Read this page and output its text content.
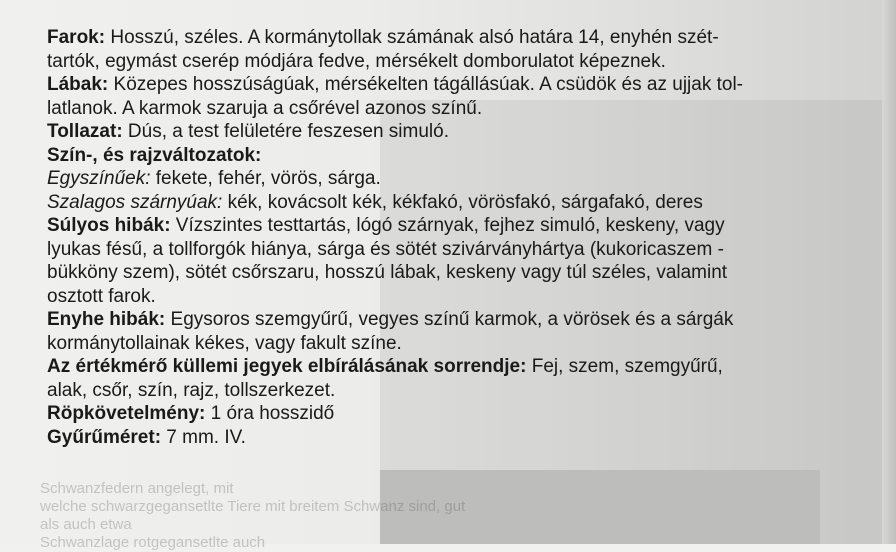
Schwanzfedern angelegt, mit
welche schwarzgegansetlte Tiere mit breitem Schwanz sind, gut als auch etwa
Schwanzlage rotgegansetlte auch
Farok: Hosszú, széles. A kormánytollak számának alsó határa 14, enyhén szét-
tartók, egymást cserép módjára fedve, mérsékelt domborulatot képeznek.
Lábak: Közepes hosszúságúak, mérsékelten tágállásúak. A csüdök és az ujjak tol-
latlanok. A karmok szaruja a csőrével azonos színű.
Tollazat: Dús, a test felületére feszesen simuló.
Szín-, és rajzváltozatok:
Egyszínűek: fekete, fehér, vörös, sárga.
Szalagos szárnyúak: kék, kovácsolt kék, kékfakó, vörösfakó, sárgafakó, deres
Súlyos hibák: Vízszintes testtartás, lógó szárnyak, fejhez simuló, keskeny, vagy
lyukas fésű, a tollforgók hiánya, sárga és sötét szivárványhártya (kukoricaszem -
bükköny szem), sötét csőrszaru, hosszú lábak, keskeny vagy túl széles, valamint
osztott farok.
Enyhe hibák: Egysoros szemgyűrű, vegyes színű karmok, a vörösek és a sárgák
kormánytollainak kékes, vagy fakult színe.
Az értékmérő küllemi jegyek elbírálásának sorrendje: Fej, szem, szemgyűrű,
alak, csőr, szín, rajz, tollszerkezet.
Röpkövetelmény: 1 óra hosszidő
Gyűrűméret: 7 mm. IV.
